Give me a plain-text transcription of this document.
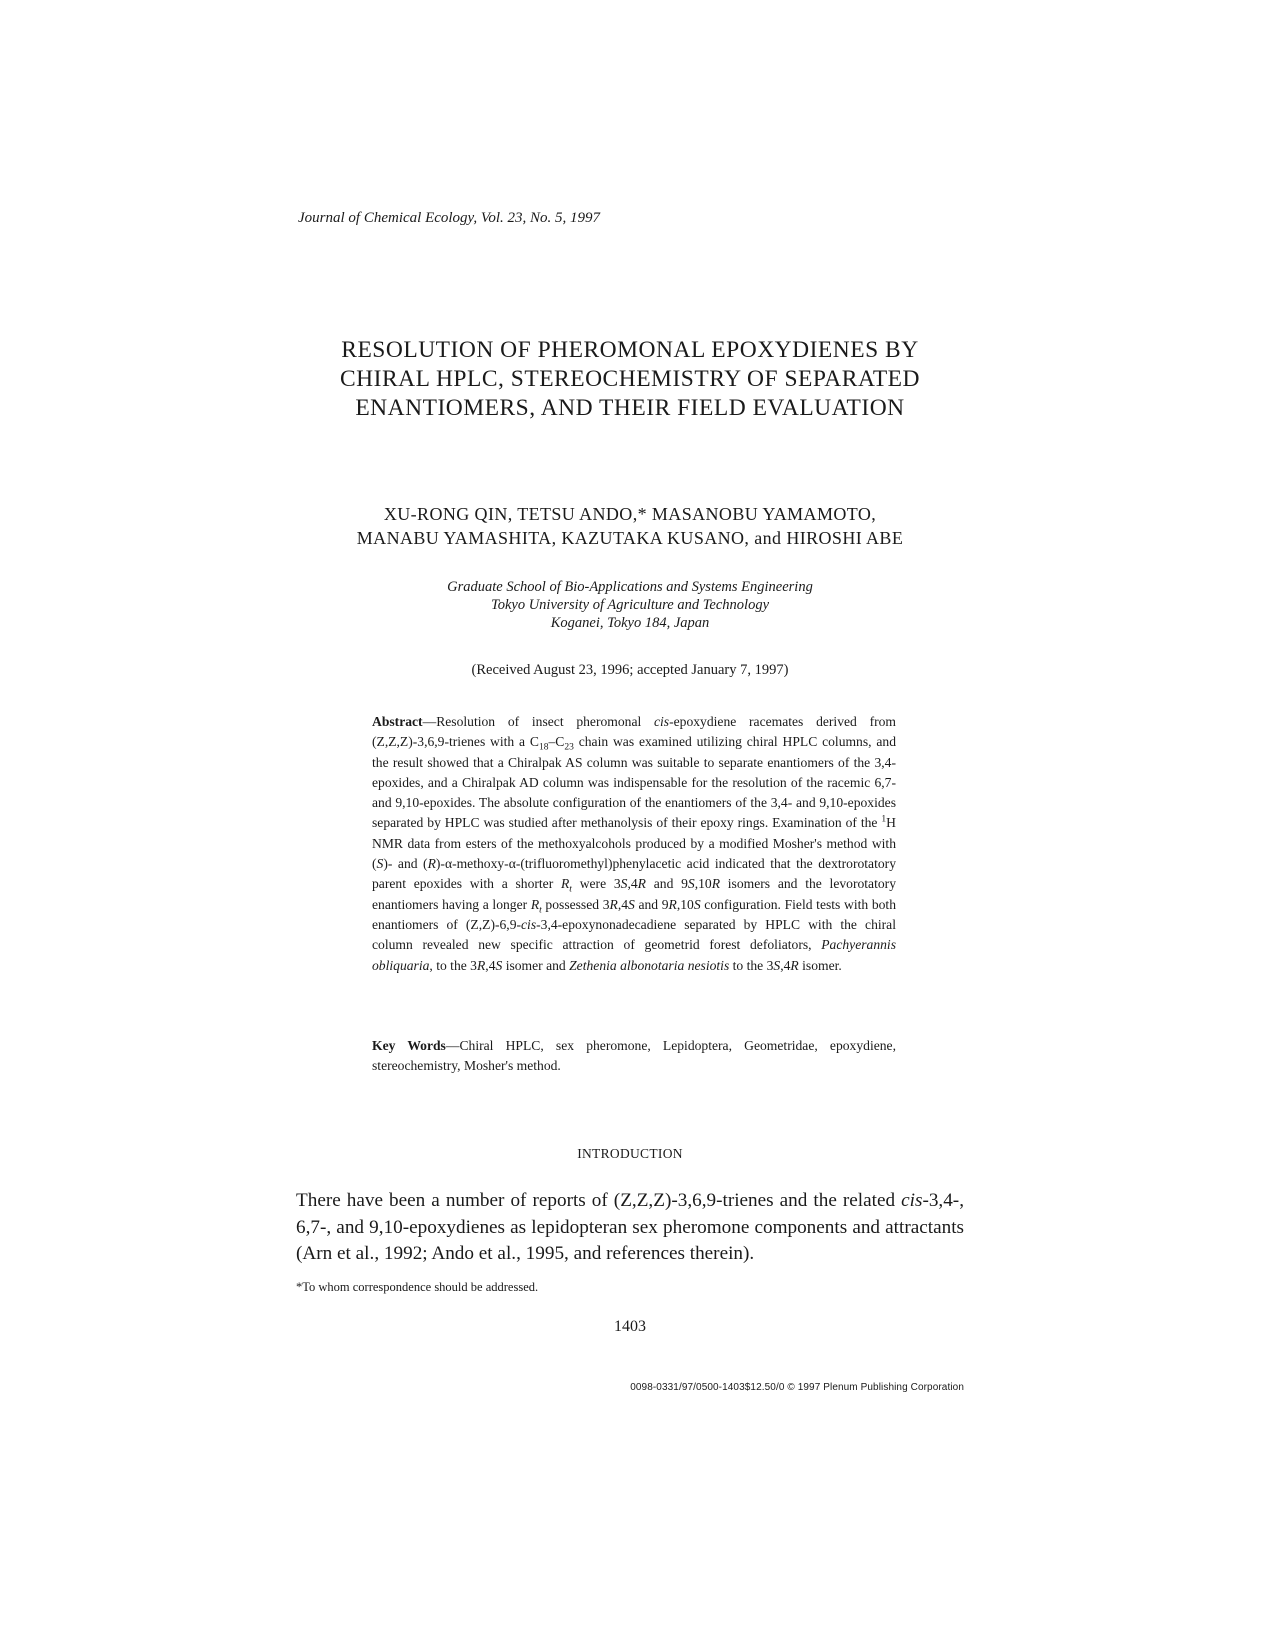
Journal of Chemical Ecology, Vol. 23, No. 5, 1997
RESOLUTION OF PHEROMONAL EPOXYDIENES BY
CHIRAL HPLC, STEREOCHEMISTRY OF SEPARATED
ENANTIOMERS, AND THEIR FIELD EVALUATION
XU-RONG QIN, TETSU ANDO,* MASANOBU YAMAMOTO,
MANABU YAMASHITA, KAZUTAKA KUSANO, and HIROSHI ABE
Graduate School of Bio-Applications and Systems Engineering
Tokyo University of Agriculture and Technology
Koganei, Tokyo 184, Japan
(Received August 23, 1996; accepted January 7, 1997)
Abstract—Resolution of insect pheromonal cis-epoxydiene racemates derived from (Z,Z,Z)-3,6,9-trienes with a $C_{18}-C_{23}$ chain was examined utilizing chiral HPLC columns, and the result showed that a Chiralpak AS column was suitable to separate enantiomers of the 3,4-epoxides, and a Chiralpak AD column was indispensable for the resolution of the racemic 6,7- and 9,10-epoxides. The absolute configuration of the enantiomers of the 3,4- and 9,10-epoxides separated by HPLC was studied after methanolysis of their epoxy rings. Examination of the $^1$H NMR data from esters of the methoxyalcohols produced by a modified Mosher's method with (S)- and (R)-α-methoxy-α-(trifluoromethyl)phenylacetic acid indicated that the dextrorotatory parent epoxides with a shorter $R_t$ were 3S,4R and 9S,10R isomers and the levorotatory enantiomers having a longer $R_t$ possessed 3R,4S and 9R,10S configuration. Field tests with both enantiomers of (Z,Z)-6,9-cis-3,4-epoxynonadecadiene separated by HPLC with the chiral column revealed new specific attraction of geometrid forest defoliators, Pachyerannis obliquaria, to the 3R,4S isomer and Zethenia albonotaria nesiotis to the 3S,4R isomer.
Key Words—Chiral HPLC, sex pheromone, Lepidoptera, Geometridae, epoxydiene, stereochemistry, Mosher's method.
INTRODUCTION
There have been a number of reports of (Z,Z,Z)-3,6,9-trienes and the related cis-3,4-, 6,7-, and 9,10-epoxydienes as lepidopteran sex pheromone components and attractants (Arn et al., 1992; Ando et al., 1995, and references therein).
*To whom correspondence should be addressed.
1403
0098-0331/97/0500-1403$12.50/0 © 1997 Plenum Publishing Corporation
